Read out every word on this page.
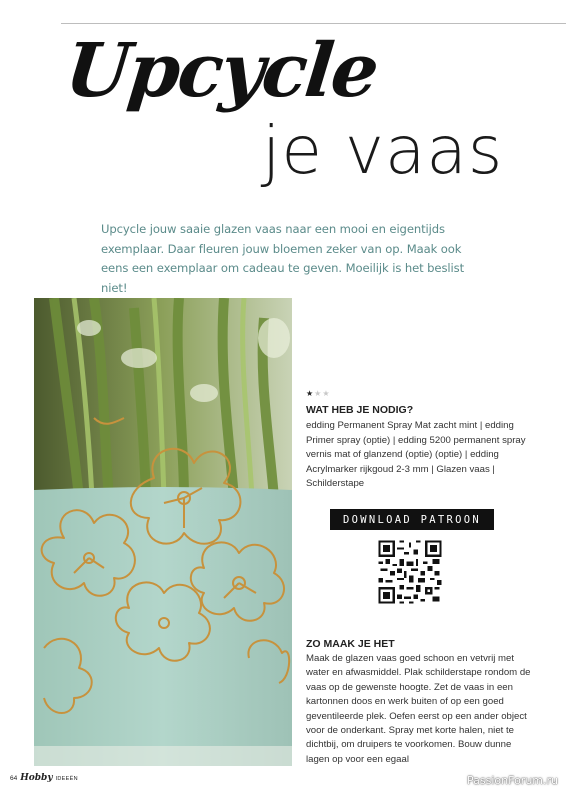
Upcycle
je vaas

Upcycle jouw saaie glazen vaas naar een mooi en eigentijds exemplaar. Daar fleuren jouw bloemen zeker van op. Maak ook eens een exemplaar om cadeau te geven. Moeilijk is het beslist niet!

★★★
WAT HEB JE NODIG?

edding Permanent Spray Mat zacht mint | edding Primer spray (optie) | edding 5200 permanent spray vernis mat of glanzend (optie) (optie) | edding Acrylmarker rijkgoud 2-3 mm | Glazen vaas | Schilderstape

DOWNLOAD PATROON
ZO MAAK JE HET

Maak de glazen vaas goed schoon en vetvrij met water en afwasmiddel. Plak schilderstape rondom de vaas op de gewenste hoogte. Zet de vaas in een kartonnen doos en werk buiten of op een goed geventileerde plek. Oefen eerst op een ander object voor de onderkant. Spray met korte halen, niet te dichtbij, om druipers te voorkomen. Bouw dunne lagen op voor een egaal

64 Hobby IDEEËN	PassionForum.ru
